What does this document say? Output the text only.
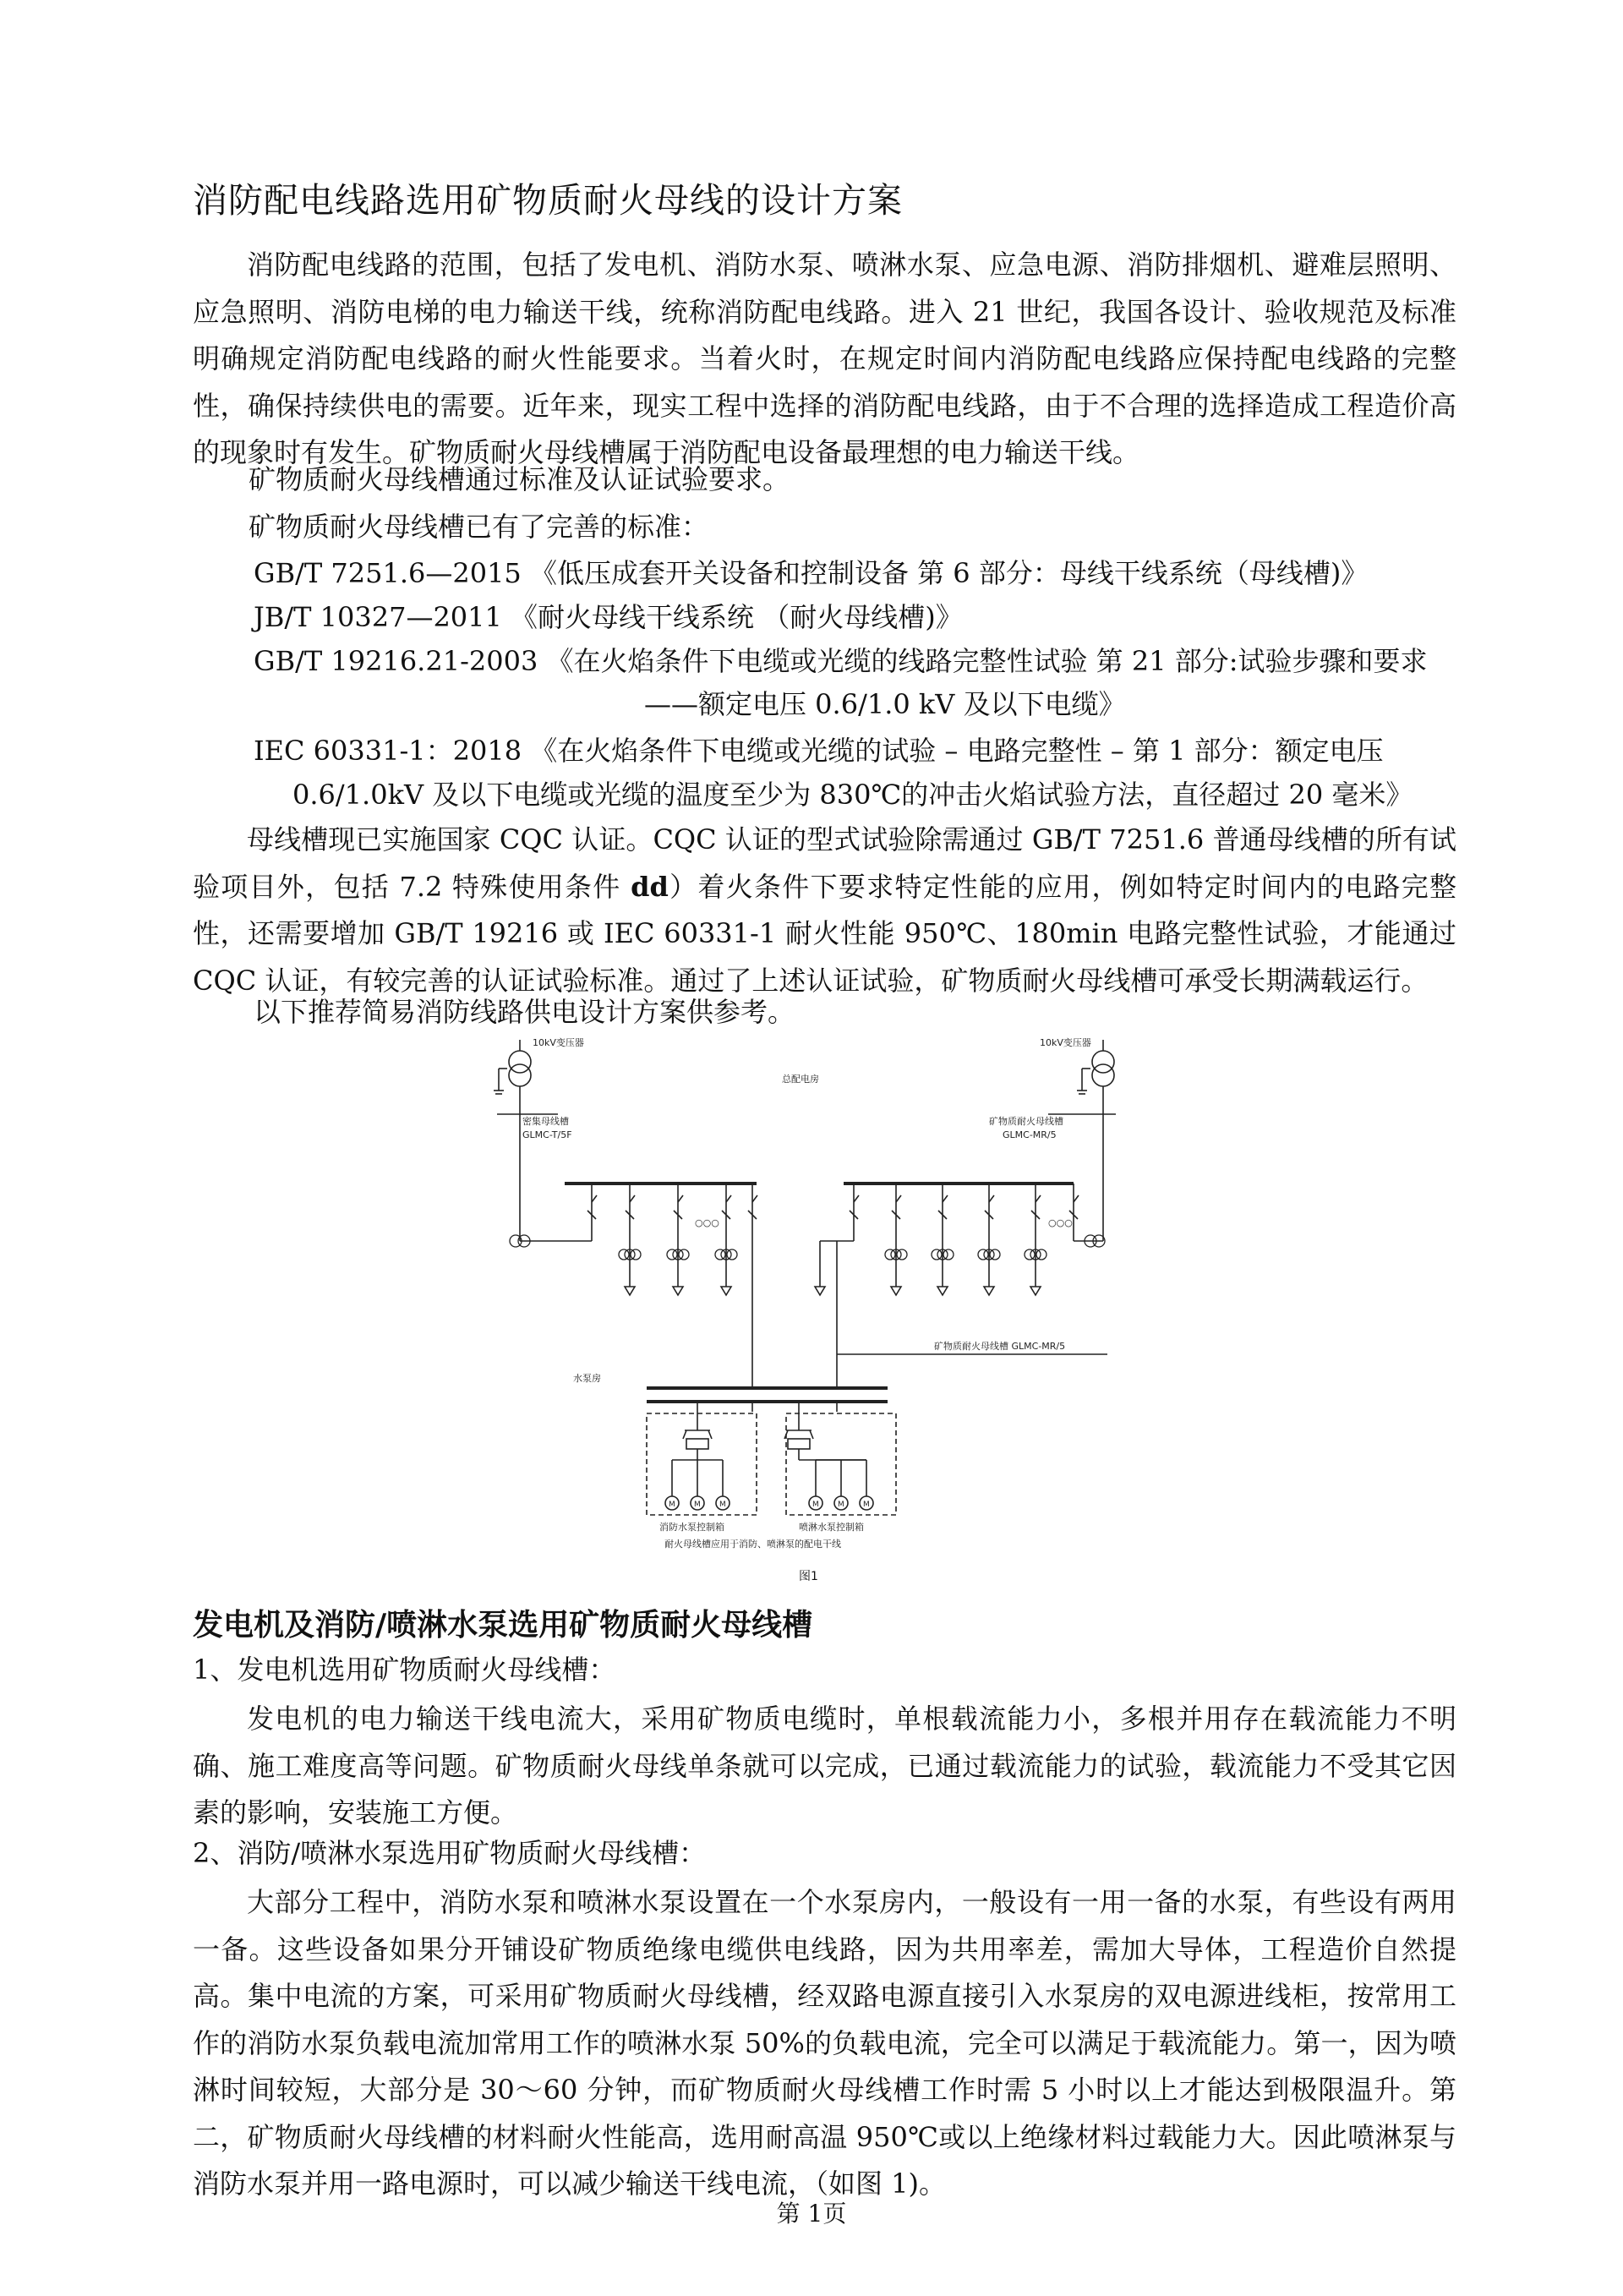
消防配电线路选用矿物质耐火母线的设计方案

消防配电线路的范围，包括了发电机、消防水泵、喷淋水泵、应急电源、消防排烟机、避难层照明、应急照明、消防电梯的电力输送干线，统称消防配电线路。进入 21 世纪，我国各设计、验收规范及标准明确规定消防配电线路的耐火性能要求。当着火时，在规定时间内消防配电线路应保持配电线路的完整性，确保持续供电的需要。近年来，现实工程中选择的消防配电线路，由于不合理的选择造成工程造价高的现象时有发生。矿物质耐火母线槽属于消防配电设备最理想的电力输送干线。

矿物质耐火母线槽通过标准及认证试验要求。

矿物质耐火母线槽已有了完善的标准：

GB/T 7251.6—2015 《低压成套开关设备和控制设备 第 6 部分：母线干线系统（母线槽)》

JB/T 10327—2011 《耐火母线干线系统 （耐火母线槽)》

GB/T 19216.21-2003 《在火焰条件下电缆或光缆的线路完整性试验 第 21 部分:试验步骤和要求

——额定电压 0.6/1.0 kV 及以下电缆》

IEC 60331-1：2018 《在火焰条件下电缆或光缆的试验 – 电路完整性 – 第 1 部分：额定电压

0.6/1.0kV 及以下电缆或光缆的温度至少为 830℃的冲击火焰试验方法，直径超过 20 毫米》

母线槽现已实施国家 CQC 认证。CQC 认证的型式试验除需通过 GB/T 7251.6 普通母线槽的所有试验项目外，包括 7.2 特殊使用条件 dd）着火条件下要求特定性能的应用，例如特定时间内的电路完整性，还需要增加 GB/T 19216 或 IEC 60331-1 耐火性能 950℃、180min 电路完整性试验，才能通过 CQC 认证，有较完善的认证试验标准。通过了上述认证试验，矿物质耐火母线槽可承受长期满载运行。

以下推荐简易消防线路供电设计方案供参考。

10kV变压器	10kV变压器
总配电房
密集母线槽
GLMC-T/5F
矿物质耐火母线槽
GLMC-MR/5
○○○	○○○
矿物质耐火母线槽 GLMC-MR/5
水泵房
消防水泵控制箱	喷淋水泵控制箱
M M M	M M M
耐火母线槽应用于消防、喷淋泵的配电干线
图1
发电机及消防/喷淋水泵选用矿物质耐火母线槽

1、发电机选用矿物质耐火母线槽：

发电机的电力输送干线电流大，采用矿物质电缆时，单根载流能力小，多根并用存在载流能力不明确、施工难度高等问题。矿物质耐火母线单条就可以完成，已通过载流能力的试验，载流能力不受其它因素的影响，安装施工方便。

2、消防/喷淋水泵选用矿物质耐火母线槽：

大部分工程中，消防水泵和喷淋水泵设置在一个水泵房内，一般设有一用一备的水泵，有些设有两用一备。这些设备如果分开铺设矿物质绝缘电缆供电线路，因为共用率差，需加大导体，工程造价自然提高。集中电流的方案，可采用矿物质耐火母线槽，经双路电源直接引入水泵房的双电源进线柜，按常用工作的消防水泵负载电流加常用工作的喷淋水泵 50%的负载电流，完全可以满足于载流能力。第一，因为喷淋时间较短，大部分是 30～60 分钟，而矿物质耐火母线槽工作时需 5 小时以上才能达到极限温升。第二，矿物质耐火母线槽的材料耐火性能高，选用耐高温 950℃或以上绝缘材料过载能力大。因此喷淋泵与消防水泵并用一路电源时，可以减少输送干线电流，（如图 1)。

第 1页
